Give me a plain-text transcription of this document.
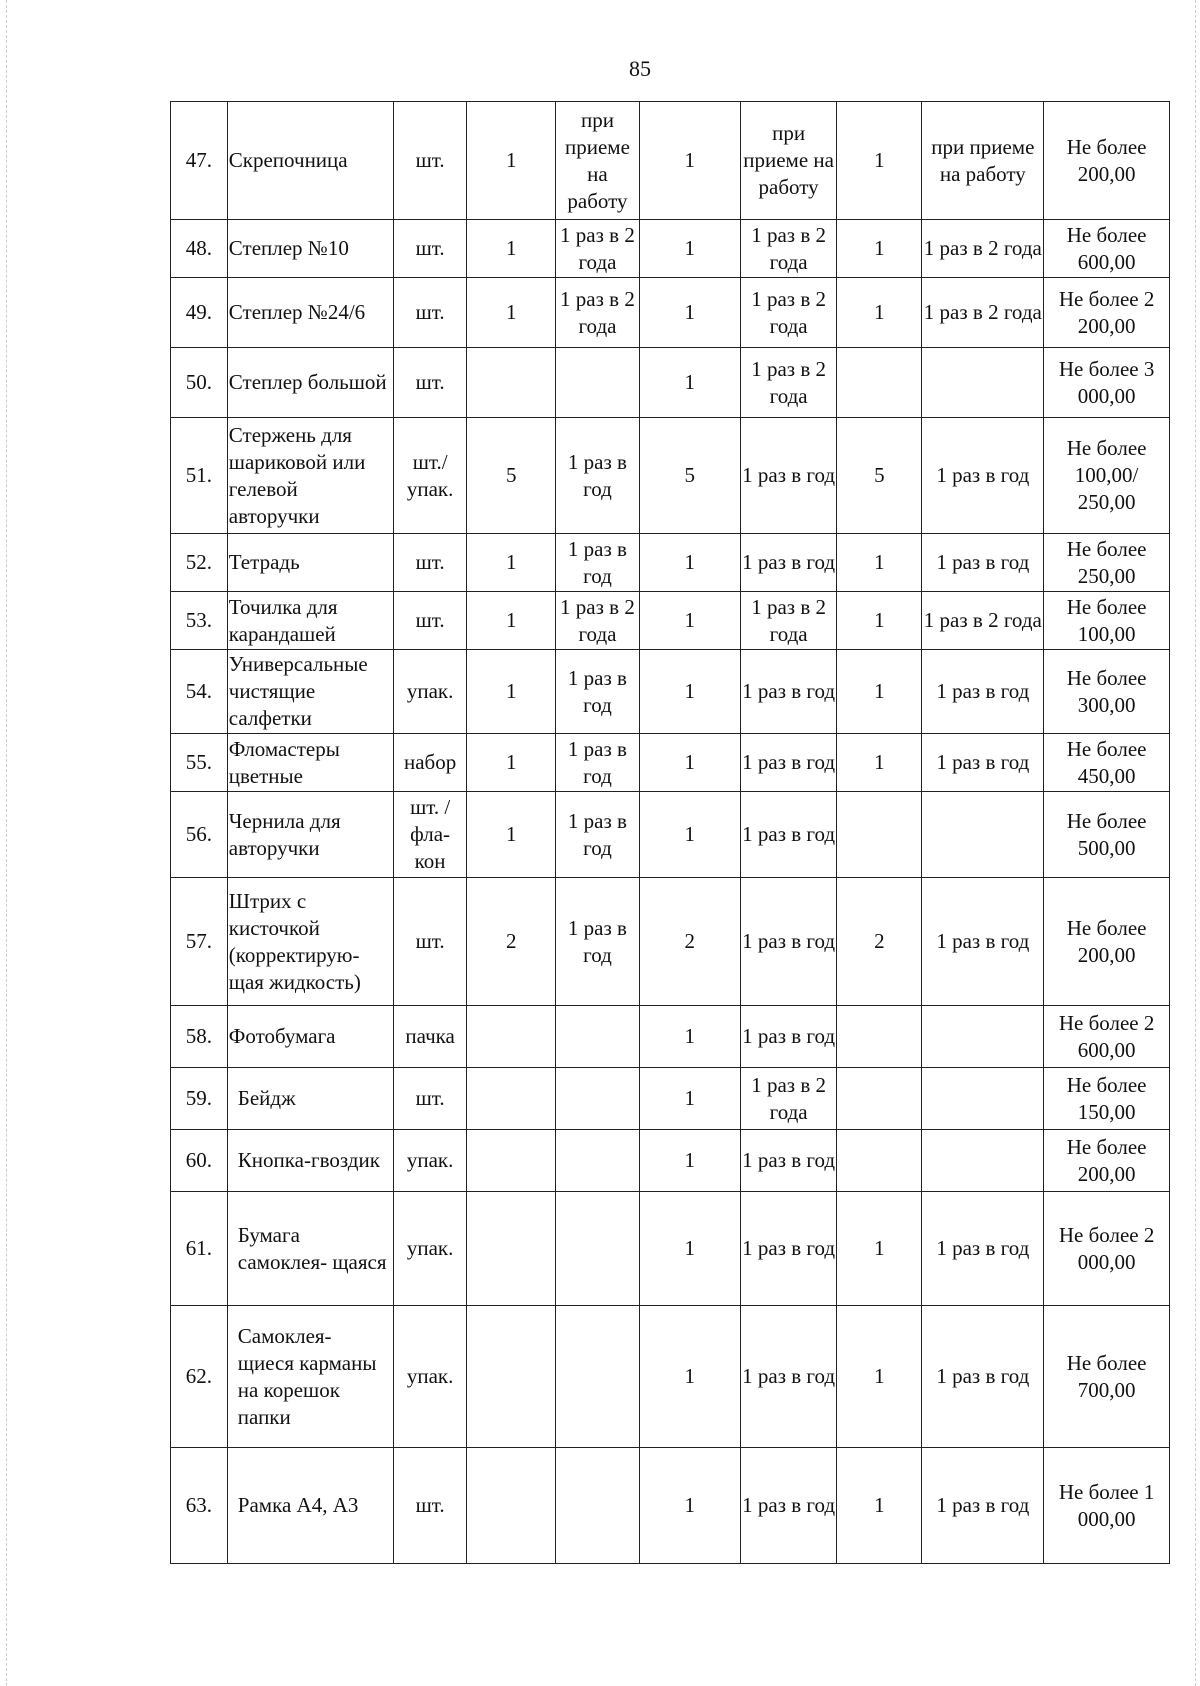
85
47.	Скрепочница	шт.	1	при приеме на работу	1	при приеме на работу	1	при приеме на работу	Не более 200,00
48.	Степлер №10	шт.	1	1 раз в 2 года	1	1 раз в 2 года	1	1 раз в 2 года	Не более 600,00
49.	Степлер №24/6	шт.	1	1 раз в 2 года	1	1 раз в 2 года	1	1 раз в 2 года	Не более 2 200,00
50.	Степлер большой	шт.			1	1 раз в 2 года			Не более 3 000,00
51.	Стержень для шариковой или гелевой авторучки	шт./ упак.	5	1 раз в год	5	1 раз в год	5	1 раз в год	Не более 100,00/ 250,00
52.	Тетрадь	шт.	1	1 раз в год	1	1 раз в год	1	1 раз в год	Не более 250,00
53.	Точилка для карандашей	шт.	1	1 раз в 2 года	1	1 раз в 2 года	1	1 раз в 2 года	Не более 100,00
54.	Универсальные чистящие салфетки	упак.	1	1 раз в год	1	1 раз в год	1	1 раз в год	Не более 300,00
55.	Фломастеры цветные	набор	1	1 раз в год	1	1 раз в год	1	1 раз в год	Не более 450,00
56.	Чернила для авторучки	шт. / фла- кон	1	1 раз в год	1	1 раз в год			Не более 500,00
57.	Штрих с кисточкой (корректирую- щая жидкость)	шт.	2	1 раз в год	2	1 раз в год	2	1 раз в год	Не более 200,00
58.	Фотобумага	пачка			1	1 раз в год			Не более 2 600,00
59.	Бейдж	шт.			1	1 раз в 2 года			Не более 150,00
60.	Кнопка-гвоздик	упак.			1	1 раз в год			Не более 200,00
61.	Бумага самоклея- щаяся	упак.			1	1 раз в год	1	1 раз в год	Не более 2 000,00
62.	Самоклея- щиеся карманы на корешок папки	упак.			1	1 раз в год	1	1 раз в год	Не более 700,00
63.	Рамка А4, А3	шт.			1	1 раз в год	1	1 раз в год	Не более 1 000,00
